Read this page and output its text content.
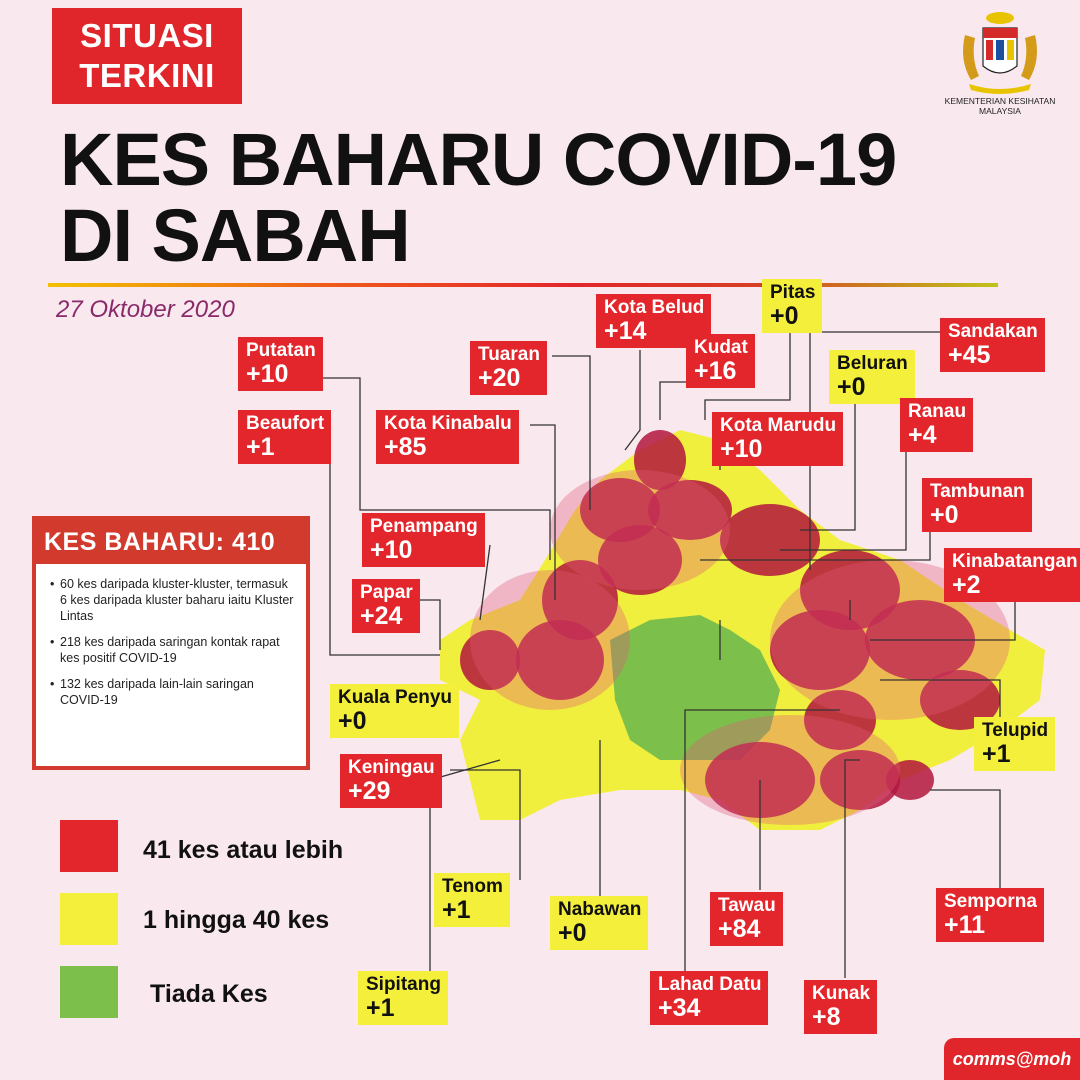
SITUASI
TERKINI
KEMENTERIAN KESIHATAN
MALAYSIA
KES BAHARU COVID-19
DI SABAH
27 Oktober 2020
Putatan
+10
Beaufort
+1
Tuaran
+20
Kota Kinabalu
+85
Kota Belud
+14
Pitas
+0
Kudat
+16
Kota Marudu
+10
Beluran
+0
Sandakan
+45
Ranau
+4
Tambunan
+0
Kinabatangan
+2
Penampang
+10
Papar
+24
Kuala Penyu
+0
Keningau
+29
Telupid
+1
Tenom
+1	Nabawan
+0
Tawau
+84
Semporna
+11
Sipitang
+1
Lahad Datu
+34
Kunak
+8
KES BAHARU: 410
• 60 kes daripada kluster-kluster, termasuk 6 kes daripada kluster baharu iaitu Kluster Lintas
• 218 kes daripada saringan kontak rapat kes positif COVID-19
• 132 kes daripada lain-lain saringan COVID-19
41 kes atau lebih
1 hingga 40 kes
Tiada Kes
comms@moh
